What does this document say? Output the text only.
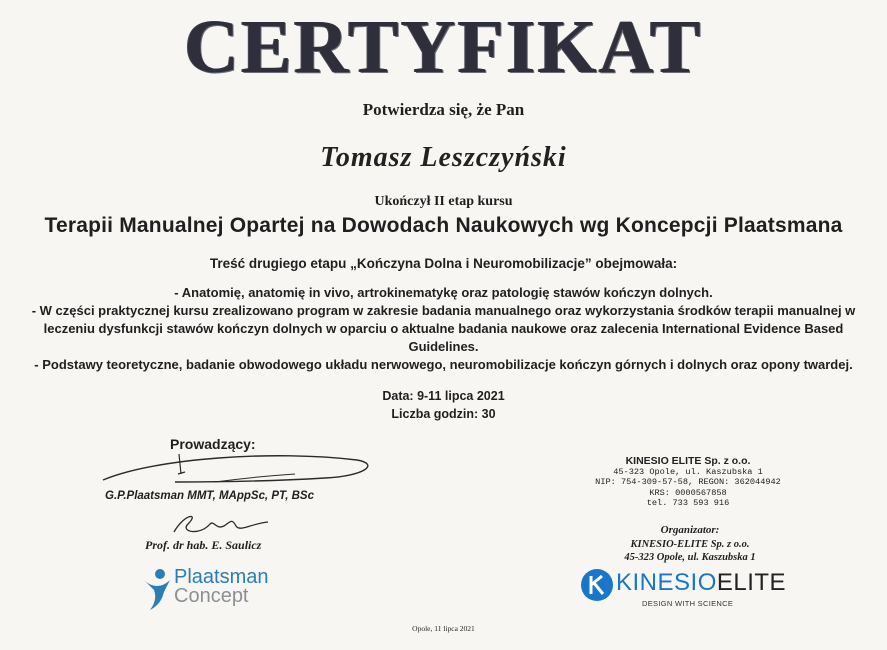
CERTYFIKAT
Potwierdza się, że Pan
Tomasz Leszczyński
Ukończył II etap kursu
Terapii Manualnej Opartej na Dowodach Naukowych wg Koncepcji Plaatsmana
Treść drugiego etapu „Kończyna Dolna i Neuromobilizacje” obejmowała:

- Anatomię, anatomię in vivo, artrokinematykę oraz patologię stawów kończyn dolnych.

- W części praktycznej kursu zrealizowano program w zakresie badania manualnego oraz wykorzystania środków terapii manualnej w leczeniu dysfunkcji stawów kończyn dolnych w oparciu o aktualne badania naukowe oraz zalecenia International Evidence Based Guidelines.

- Podstawy teoretyczne, badanie obwodowego układu nerwowego, neuromobilizacje kończyn górnych i dolnych oraz opony twardej.

Data: 9-11 lipca 2021
Liczba godzin: 30
Prowadzący:
G.P.Plaatsman MMT, MAppSc, PT, BSc
Prof. dr hab. E. Saulicz
Plaatsman
Concept
KINESIO ELITE Sp. z o.o.
45-323 Opole, ul. Kaszubska 1
NIP: 754-309-57-58, REGON: 362044942
KRS: 0000567858
tel. 733 593 916
Organizator:
KINESIO-ELITE Sp. z o.o.
45-323 Opole, ul. Kaszubska 1
KINESIOELITE
DESIGN WITH SCIENCE
Opole, 11 lipca 2021
